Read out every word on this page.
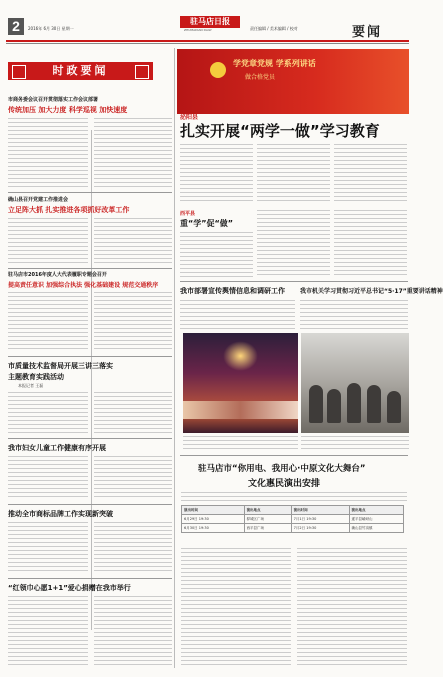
2	2016年 6月 30日 星期一
驻马店日报
ZHUMADIAN DAILY	责任编辑 / 美术编辑 / 校对	要闻
时政要闻
市商务委会议召开贯彻落实工作会议部署
传统加压 加大力度 科学巡视 加快速度
确山县召开党建工作推进会
立足阵大抓 扎实推进各项抓好改革工作
驻马店市2016年度人大代表履职专题会召开
提高责任意识 加强综合执法 强化基础建设 规范交通秩序
市质量技术监督局开展三讲三落实
主题教育实践活动
本报记者 王磊
我市妇女儿童工作健康有序开展
推动全市商标品牌工作实现新突破
“红领巾心愿1+1”爱心捐赠在我市举行
学党章党规 学系列讲话
做合格党员
泌阳县
扎实开展“两学一做”学习教育
西平县
重“学”促“做”
我市部署宣传舆情信息和调研工作	我市机关学习贯彻习近平总书记“5·17”重要讲话精神
驻马店市“你用电、我用心·中原文化大舞台”
文化惠民演出安排
演出时间	演出地点	演出时间	演出地点
6月29日 19:30	驿城区广场	7月1日 19:30	遂平县嵖岈山
6月30日 19:30	西平县广场	7月2日 19:30	确山县竹沟镇
